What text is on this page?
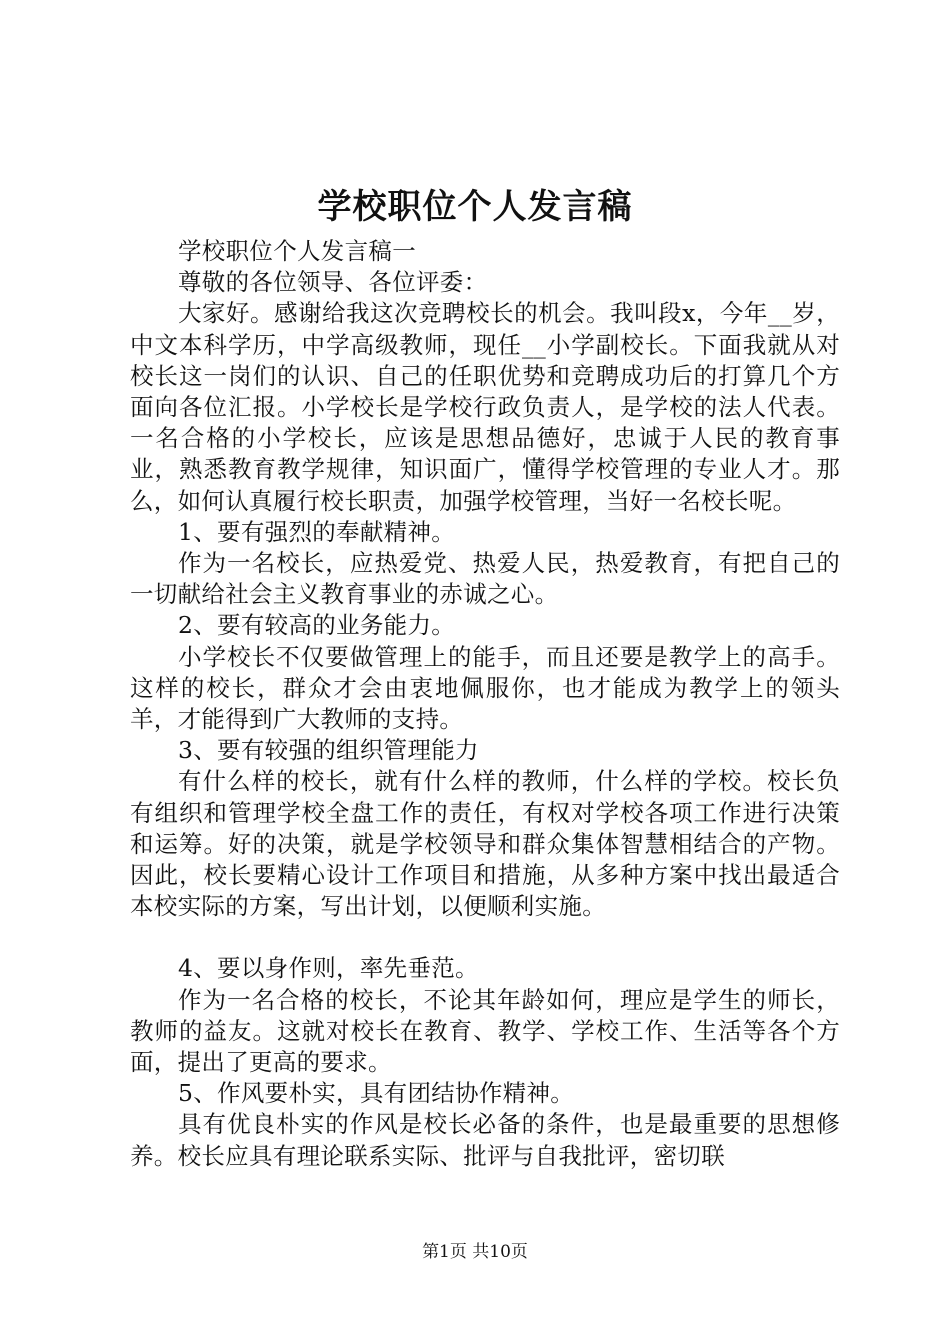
学校职位个人发言稿

学校职位个人发言稿一

尊敬的各位领导、各位评委：

大家好。感谢给我这次竞聘校长的机会。我叫段x，今年__岁，中文本科学历，中学高级教师，现任__小学副校长。下面我就从对校长这一岗们的认识、自己的任职优势和竞聘成功后的打算几个方面向各位汇报。小学校长是学校行政负责人，是学校的法人代表。一名合格的小学校长，应该是思想品德好，忠诚于人民的教育事业，熟悉教育教学规律，知识面广，懂得学校管理的专业人才。那么，如何认真履行校长职责，加强学校管理，当好一名校长呢。

1、要有强烈的奉献精神。

作为一名校长，应热爱党、热爱人民，热爱教育，有把自己的一切献给社会主义教育事业的赤诚之心。

2、要有较高的业务能力。

小学校长不仅要做管理上的能手，而且还要是教学上的高手。这样的校长，群众才会由衷地佩服你，也才能成为教学上的领头羊，才能得到广大教师的支持。

3、要有较强的组织管理能力

有什么样的校长，就有什么样的教师，什么样的学校。校长负有组织和管理学校全盘工作的责任，有权对学校各项工作进行决策和运筹。好的决策，就是学校领导和群众集体智慧相结合的产物。因此，校长要精心设计工作项目和措施，从多种方案中找出最适合本校实际的方案，写出计划，以便顺利实施。

4、要以身作则，率先垂范。

作为一名合格的校长，不论其年龄如何，理应是学生的师长，教师的益友。这就对校长在教育、教学、学校工作、生活等各个方面，提出了更高的要求。

5、作风要朴实，具有团结协作精神。

具有优良朴实的作风是校长必备的条件，也是最重要的思想修养。校长应具有理论联系实际、批评与自我批评，密切联

第1页 共10页
